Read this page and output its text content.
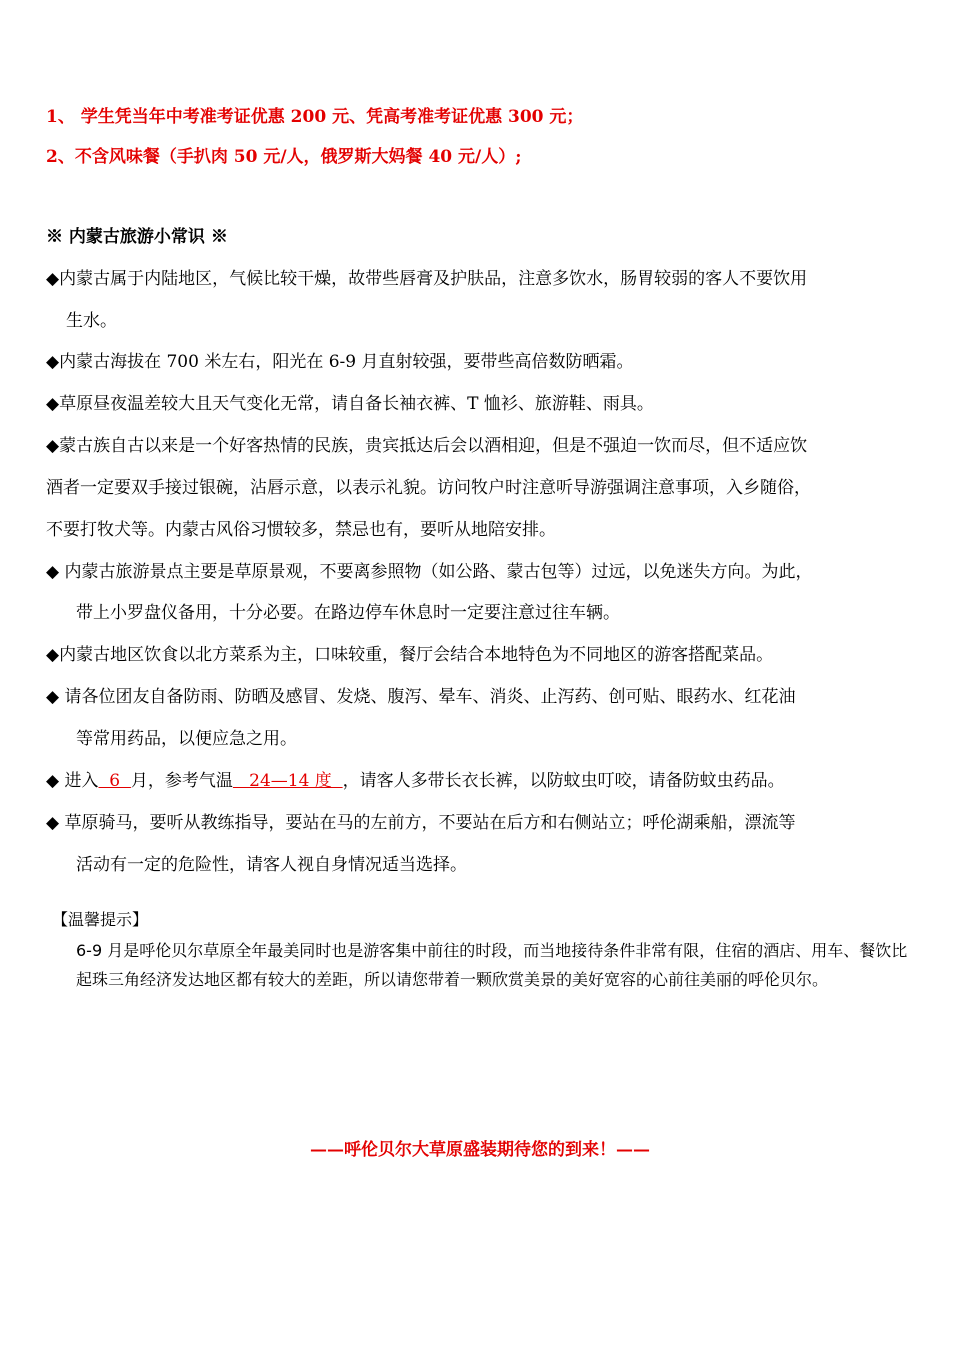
1、 学生凭当年中考准考证优惠 200 元、凭高考准考证优惠 300 元；
2、不含风味餐（手扒肉 50 元/人，俄罗斯大妈餐 40 元/人）;
※ 内蒙古旅游小常识 ※
◆内蒙古属于内陆地区，气候比较干燥，故带些唇膏及护肤品，注意多饮水，肠胃较弱的客人不要饮用
生水。
◆内蒙古海拔在 700 米左右，阳光在 6-9 月直射较强，要带些高倍数防晒霜。
◆草原昼夜温差较大且天气变化无常，请自备长袖衣裤、T 恤衫、旅游鞋、雨具。
◆蒙古族自古以来是一个好客热情的民族，贵宾抵达后会以酒相迎，但是不强迫一饮而尽，但不适应饮
酒者一定要双手接过银碗，沾唇示意，以表示礼貌。访问牧户时注意听导游强调注意事项，入乡随俗，
不要打牧犬等。内蒙古风俗习惯较多，禁忌也有，要听从地陪安排。
◆ 内蒙古旅游景点主要是草原景观，不要离参照物（如公路、蒙古包等）过远，以免迷失方向。为此，
带上小罗盘仪备用，十分必要。在路边停车休息时一定要注意过往车辆。
◆内蒙古地区饮食以北方菜系为主，口味较重，餐厅会结合本地特色为不同地区的游客搭配菜品。
◆ 请各位团友自备防雨、防晒及感冒、发烧、腹泻、晕车、消炎、止泻药、创可贴、眼药水、红花油
等常用药品，以便应急之用。
◆ 进入  6  月，参考气温   24—14 度  ，请客人多带长衣长裤，以防蚊虫叮咬，请备防蚊虫药品。
◆ 草原骑马，要听从教练指导，要站在马的左前方，不要站在后方和右侧站立；呼伦湖乘船，漂流等
活动有一定的危险性，请客人视自身情况适当选择。
【温馨提示】
6-9 月是呼伦贝尔草原全年最美同时也是游客集中前往的时段，而当地接待条件非常有限，住宿的酒店、用车、餐饮比起珠三角经济发达地区都有较大的差距，所以请您带着一颗欣赏美景的美好宽容的心前往美丽的呼伦贝尔。
——呼伦贝尔大草原盛装期待您的到来！——
